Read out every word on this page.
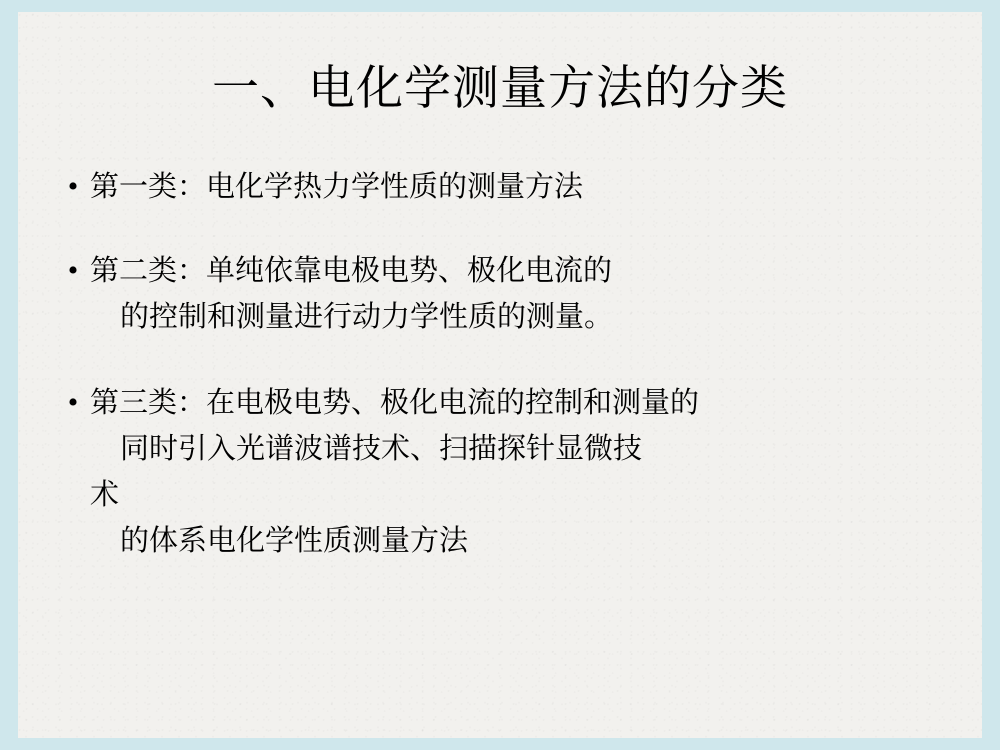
一、电化学测量方法的分类
• 第一类：电化学热力学性质的测量方法
• 第二类：单纯依靠电极电势、极化电流的
的控制和测量进行动力学性质的测量。
• 第三类：在电极电势、极化电流的控制和测量的
同时引入光谱波谱技术、扫描探针显微技
术
的体系电化学性质测量方法
